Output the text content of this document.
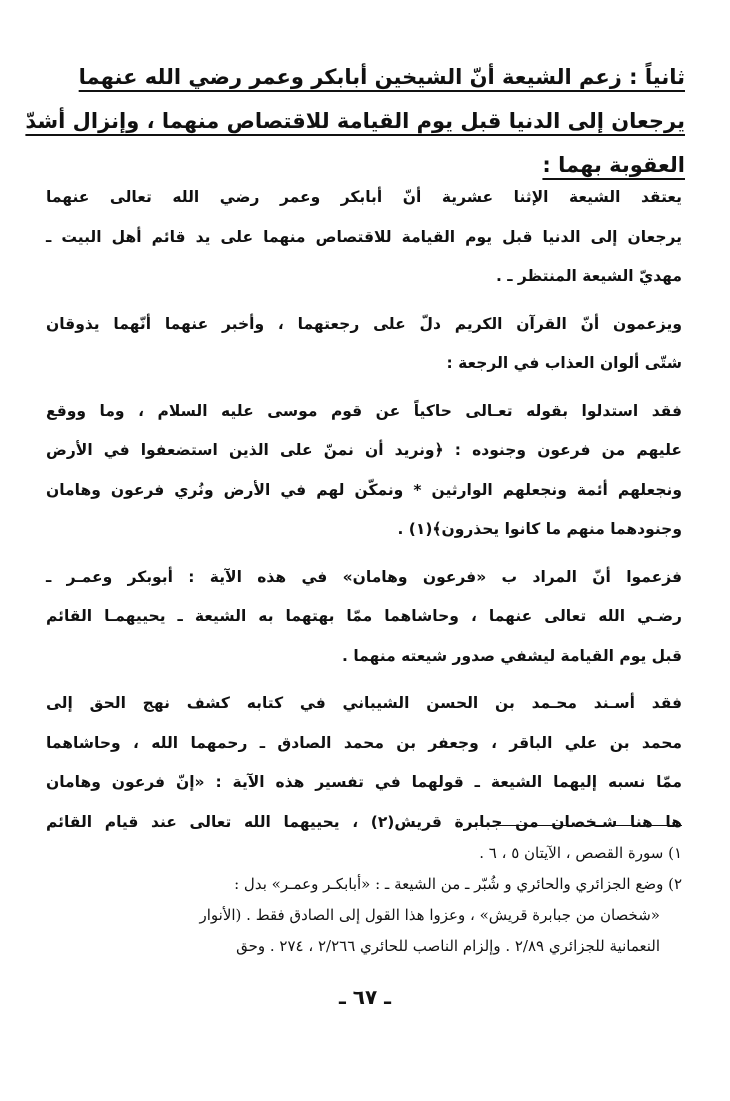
ثانياً : زعم الشيعة أنّ الشيخين أبابكر وعمر رضي الله عنهما
يرجعان إلى الدنيا قبل يوم القيامة للاقتصاص منهما ، وإنزال أشدّ
العقوبة بهما :

يعتقد الشيعة الإثنا عشرية أنّ أبابكر وعمر رضي الله تعالى عنهما
يرجعان إلى الدنيا قبل يوم القيامة للاقتصاص منهما على يد قائم أهل البيت ـ
مهديّ الشيعة المنتظر ـ .

ويزعمون أنّ القرآن الكريم دلّ على رجعتهما ، وأخبر عنهما أنّهما يذوقان
شتّى ألوان العذاب في الرجعة :

فقد استدلوا بقوله تعـالى حاكياً عن قوم موسى عليه السلام ، وما ووقع
عليهم من فرعون وجنوده : ﴿ونريد أن نمنّ على الذين استضعفوا في الأرض
ونجعلهم أئمة ونجعلهم الوارثين * ونمكّن لهم في الأرض ونُري فرعون وهامان
وجنودهما منهم ما كانوا يحذرون﴾(١) .

فزعموا أنّ المراد ب «فرعون وهامان» في هذه الآية : أبوبكر وعمـر ـ
رضـي الله تعالى عنهما ، وحاشاهما ممّا بهتهما به الشيعة ـ يحييهمـا القائم
قبل يوم القيامة ليشفي صدور شيعته منهما .

فقد أسـند محـمد بن الحسن الشيباني في كتابه كشف نهج الحق إلى
محمد بن علي الباقر ، وجعفر بن محمد الصادق ـ رحمهما الله ، وحاشاهما
ممّا نسبه إليهما الشيعة ـ قولهما في تفسير هذه الآية : «إنّ فرعون وهامان
ها هنا شـخصان من جبابرة قريش(٢) ، يحييهما الله تعالى عند قيام القائم

١) سورة القصص ، الآيتان ٥ ، ٦ .
٢) وضع الجزائري والحائري و شُبّر ـ من الشيعة ـ : «أبابكـر وعمـر» بدل :
«شخصان من جبابرة قريش» ، وعزوا هذا القول إلى الصادق فقط . (الأنوار
النعمانية للجزائري ٢/٨٩ . وإلزام الناصب للحائري ٢/٢٦٦ ، ٢٧٤ . وحق
ـ ٦٧ ـ
